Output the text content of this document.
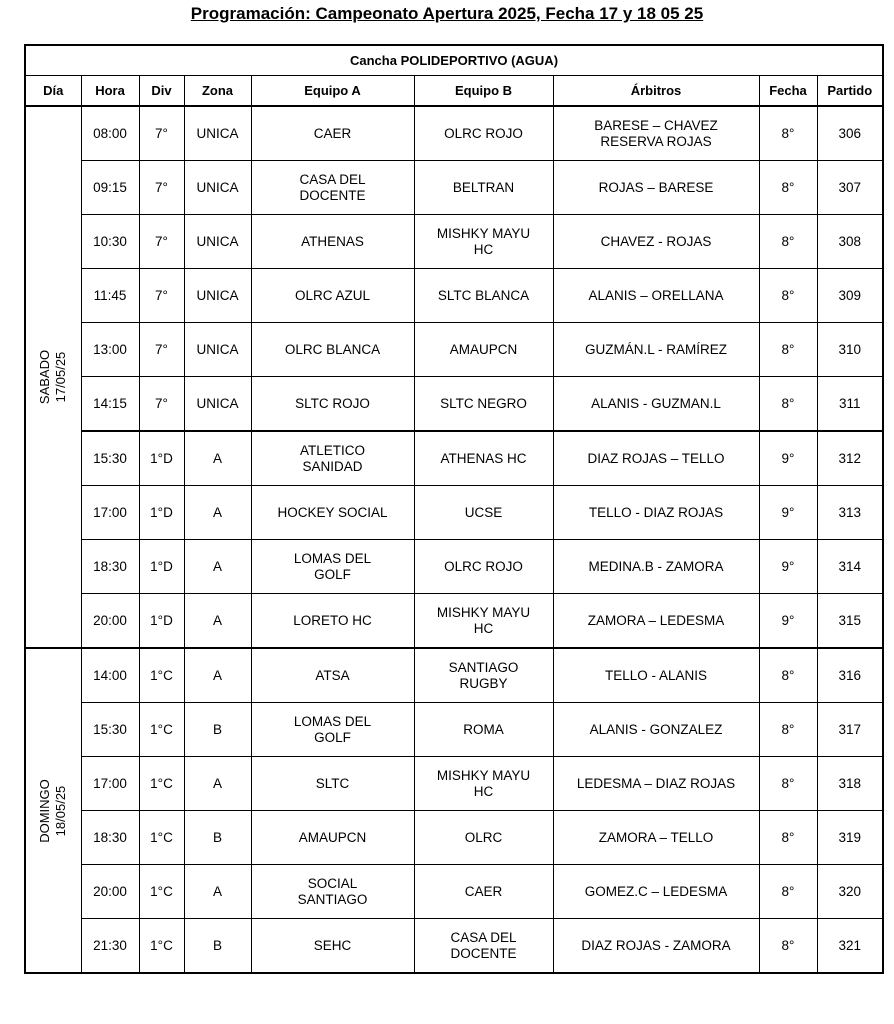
Programación: Campeonato Apertura 2025, Fecha 17 y 18 05 25
Cancha POLIDEPORTIVO (AGUA)								
Día	Hora	Div	Zona	Equipo A	Equipo B	Árbitros	Fecha	Partido

SABADO 17/05/25	08:00	7°	UNICA	CAER	OLRC ROJO	BARESE – CHAVEZ
RESERVA ROJAS	8°	306
	09:15	7°	UNICA	CASA DEL
DOCENTE	BELTRAN	ROJAS – BARESE	8°	307
	10:30	7°	UNICA	ATHENAS	MISHKY MAYU
HC	CHAVEZ - ROJAS	8°	308
	11:45	7°	UNICA	OLRC AZUL	SLTC BLANCA	ALANIS – ORELLANA	8°	309
	13:00	7°	UNICA	OLRC BLANCA	AMAUPCN	GUZMÁN.L - RAMÍREZ	8°	310
	14:15	7°	UNICA	SLTC ROJO	SLTC NEGRO	ALANIS - GUZMAN.L	8°	311
	15:30	1°D	A	ATLETICO
SANIDAD	ATHENAS HC	DIAZ ROJAS – TELLO	9°	312
	17:00	1°D	A	HOCKEY SOCIAL	UCSE	TELLO - DIAZ ROJAS	9°	313
	18:30	1°D	A	LOMAS DEL
GOLF	OLRC ROJO	MEDINA.B - ZAMORA	9°	314
	20:00	1°D	A	LORETO HC	MISHKY MAYU
HC	ZAMORA – LEDESMA	9°	315

DOMINGO 18/05/25	14:00	1°C	A	ATSA	SANTIAGO
RUGBY	TELLO - ALANIS	8°	316
	15:30	1°C	B	LOMAS DEL
GOLF	ROMA	ALANIS - GONZALEZ	8°	317
	17:00	1°C	A	SLTC	MISHKY MAYU
HC	LEDESMA – DIAZ ROJAS	8°	318
	18:30	1°C	B	AMAUPCN	OLRC	ZAMORA – TELLO	8°	319
	20:00	1°C	A	SOCIAL
SANTIAGO	CAER	GOMEZ.C – LEDESMA	8°	320
	21:30	1°C	B	SEHC	CASA DEL
DOCENTE	DIAZ ROJAS - ZAMORA	8°	321
